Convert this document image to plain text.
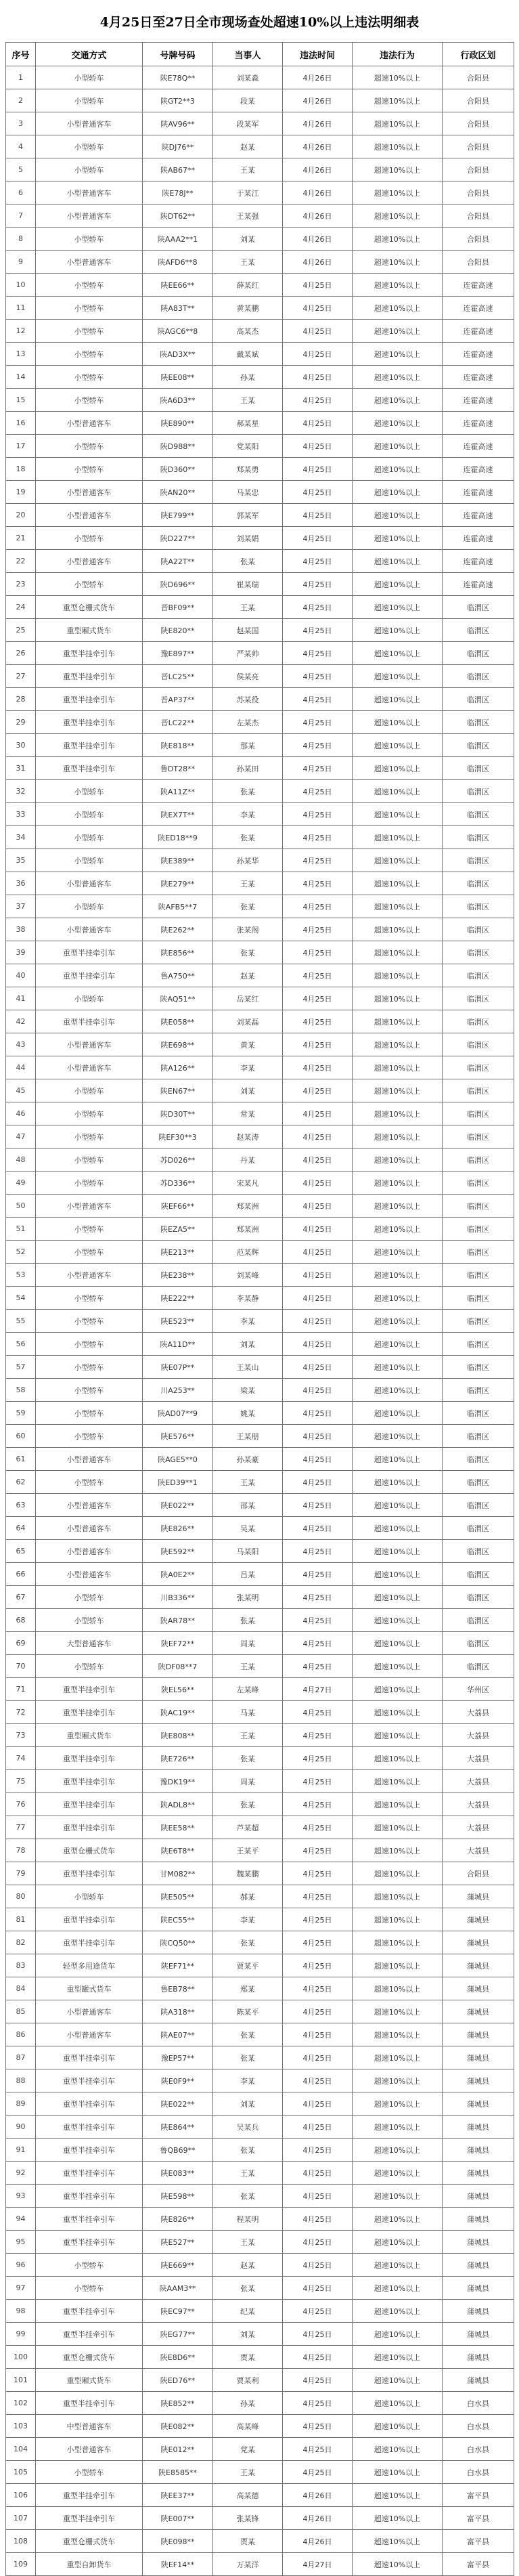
4月25日至27日全市现场查处超速10%以上违法明细表
序号	交通方式	号牌号码	当事人	违法时间	违法行为	行政区划
1	小型轿车	陕E78Q**	刘某淼	4月26日	超速10%以上	合阳县
2	小型轿车	陕GT2**3	段某	4月26日	超速10%以上	合阳县
3	小型普通客车	陕AV96**	段某军	4月26日	超速10%以上	合阳县
4	小型轿车	陕DJ76**	赵某	4月26日	超速10%以上	合阳县
5	小型轿车	陕AB67**	王某	4月26日	超速10%以上	合阳县
6	小型普通客车	陕E78J**	于某江	4月26日	超速10%以上	合阳县
7	小型普通客车	陕DT62**	王某强	4月26日	超速10%以上	合阳县
8	小型轿车	陕AAA2**1	刘某	4月26日	超速10%以上	合阳县
9	小型普通客车	陕AFD6**8	王某	4月26日	超速10%以上	合阳县
10	小型轿车	陕EE66**	薛某红	4月25日	超速10%以上	连霍高速
11	小型轿车	陕A83T**	黄某鹏	4月25日	超速10%以上	连霍高速
12	小型轿车	陕AGC6**8	高某杰	4月25日	超速10%以上	连霍高速
13	小型轿车	陕AD3X**	戴某斌	4月25日	超速10%以上	连霍高速
14	小型轿车	陕EE08**	孙某	4月25日	超速10%以上	连霍高速
15	小型轿车	陕A6D3**	王某	4月25日	超速10%以上	连霍高速
16	小型普通客车	陕E890**	郝某星	4月25日	超速10%以上	连霍高速
17	小型轿车	陕D988**	党某阳	4月25日	超速10%以上	连霍高速
18	小型轿车	陕D360**	郑某勇	4月25日	超速10%以上	连霍高速
19	小型普通客车	陕AN20**	马某忠	4月25日	超速10%以上	连霍高速
20	小型普通客车	陕E799**	郭某军	4月25日	超速10%以上	连霍高速
21	小型轿车	陕D227**	刘某娟	4月25日	超速10%以上	连霍高速
22	小型普通客车	陕A22T**	张某	4月25日	超速10%以上	连霍高速
23	小型轿车	陕D696**	崔某瑞	4月25日	超速10%以上	连霍高速
24	重型仓栅式货车	晋BF09**	王某	4月25日	超速10%以上	临渭区
25	重型厢式货车	陕E820**	赵某国	4月25日	超速10%以上	临渭区
26	重型半挂牵引车	豫E897**	严某帅	4月25日	超速10%以上	临渭区
27	重型半挂牵引车	晋LC25**	侯某亮	4月25日	超速10%以上	临渭区
28	重型半挂牵引车	晋AP37**	苏某役	4月25日	超速10%以上	临渭区
29	重型半挂牵引车	晋LC22**	左某杰	4月25日	超速10%以上	临渭区
30	重型半挂牵引车	陕E818**	那某	4月25日	超速10%以上	临渭区
31	重型半挂牵引车	鲁DT28**	孙某田	4月25日	超速10%以上	临渭区
32	小型轿车	陕A11Z**	张某	4月25日	超速10%以上	临渭区
33	小型轿车	陕EX7T**	李某	4月25日	超速10%以上	临渭区
34	小型轿车	陕ED18**9	张某	4月25日	超速10%以上	临渭区
35	小型轿车	陕E389**	孙某华	4月25日	超速10%以上	临渭区
36	小型普通客车	陕E279**	王某	4月25日	超速10%以上	临渭区
37	小型轿车	陕AFB5**7	张某	4月25日	超速10%以上	临渭区
38	小型普通客车	陕E262**	张某阁	4月25日	超速10%以上	临渭区
39	重型半挂牵引车	陕E856**	张某	4月25日	超速10%以上	临渭区
40	重型半挂牵引车	鲁A750**	赵某	4月25日	超速10%以上	临渭区
41	小型轿车	陕AQ51**	岳某红	4月25日	超速10%以上	临渭区
42	重型半挂牵引车	陕E058**	刘某磊	4月25日	超速10%以上	临渭区
43	小型普通客车	陕E698**	黄某	4月25日	超速10%以上	临渭区
44	小型普通客车	陕A126**	李某	4月25日	超速10%以上	临渭区
45	小型轿车	陕EN67**	刘某	4月25日	超速10%以上	临渭区
46	小型轿车	陕D30T**	常某	4月25日	超速10%以上	临渭区
47	小型轿车	陕EF30**3	赵某涛	4月25日	超速10%以上	临渭区
48	小型轿车	苏D026**	丹某	4月25日	超速10%以上	临渭区
49	小型轿车	苏D336**	宋某凡	4月25日	超速10%以上	临渭区
50	小型普通客车	陕EF66**	郑某洲	4月25日	超速10%以上	临渭区
51	小型轿车	陕EZA5**	郑某洲	4月25日	超速10%以上	临渭区
52	小型轿车	陕E213**	范某辉	4月25日	超速10%以上	临渭区
53	小型普通客车	陕E238**	刘某峰	4月25日	超速10%以上	临渭区
54	小型轿车	陕E222**	李某静	4月25日	超速10%以上	临渭区
55	小型轿车	陕E523**	李某	4月25日	超速10%以上	临渭区
56	小型轿车	陕A11D**	刘某	4月25日	超速10%以上	临渭区
57	小型轿车	陕E07P**	王某山	4月25日	超速10%以上	临渭区
58	小型轿车	川A253**	梁某	4月25日	超速10%以上	临渭区
59	小型轿车	陕AD07**9	姚某	4月25日	超速10%以上	临渭区
60	小型轿车	陕E576**	王某朋	4月25日	超速10%以上	临渭区
61	小型普通客车	陕AGE5**0	孙某豪	4月25日	超速10%以上	临渭区
62	小型轿车	陕ED39**1	王某	4月25日	超速10%以上	临渭区
63	小型普通客车	陕E022**	邵某	4月25日	超速10%以上	临渭区
64	小型普通客车	陕E826**	吴某	4月25日	超速10%以上	临渭区
65	小型普通客车	陕E592**	马某阳	4月25日	超速10%以上	临渭区
66	小型普通客车	陕A0E2**	吕某	4月25日	超速10%以上	临渭区
67	小型轿车	川B336**	张某明	4月25日	超速10%以上	临渭区
68	小型轿车	陕AR78**	张某	4月25日	超速10%以上	临渭区
69	大型普通客车	陕EF72**	周某	4月25日	超速10%以上	临渭区
70	小型轿车	陕DF08**7	王某	4月25日	超速10%以上	临渭区
71	重型半挂牵引车	陕EL56**	左某峰	4月27日	超速10%以上	华州区
72	重型半挂牵引车	陕AC19**	马某	4月25日	超速10%以上	大荔县
73	重型厢式货车	陕E808**	王某	4月25日	超速10%以上	大荔县
74	重型半挂牵引车	陕E726**	张某	4月25日	超速10%以上	大荔县
75	重型半挂牵引车	豫DK19**	周某	4月25日	超速10%以上	大荔县
76	重型半挂牵引车	陕ADL8**	张某	4月25日	超速10%以上	大荔县
77	重型半挂牵引车	陕EE58**	芦某超	4月25日	超速10%以上	大荔县
78	重型仓栅式货车	陕E6T8**	王某平	4月25日	超速10%以上	大荔县
79	重型半挂牵引车	甘M082**	魏某鹏	4月25日	超速10%以上	合阳县
80	小型轿车	陕E505**	郝某	4月25日	超速10%以上	蒲城县
81	重型半挂牵引车	陕EC55**	李某	4月25日	超速10%以上	蒲城县
82	重型半挂牵引车	陕CQ50**	张某	4月25日	超速10%以上	蒲城县
83	轻型多用途货车	陕EF71**	贾某平	4月25日	超速10%以上	蒲城县
84	重型罐式货车	鲁EB78**	郑某	4月25日	超速10%以上	蒲城县
85	小型普通客车	陕A318**	陈某平	4月25日	超速10%以上	蒲城县
86	小型普通客车	陕AE07**	张某	4月25日	超速10%以上	蒲城县
87	重型半挂牵引车	豫EP57**	张某	4月25日	超速10%以上	蒲城县
88	重型半挂牵引车	陕E0F9**	李某	4月25日	超速10%以上	蒲城县
89	重型半挂牵引车	陕E022**	刘某	4月25日	超速10%以上	蒲城县
90	重型半挂牵引车	陕E864**	吴某兵	4月25日	超速10%以上	蒲城县
91	重型半挂牵引车	鲁QB69**	张某	4月25日	超速10%以上	蒲城县
92	重型半挂牵引车	陕E083**	王某	4月25日	超速10%以上	蒲城县
93	重型半挂牵引车	陕E598**	张某	4月25日	超速10%以上	蒲城县
94	重型半挂牵引车	陕E826**	程某明	4月25日	超速10%以上	蒲城县
95	重型半挂牵引车	陕E527**	王某	4月25日	超速10%以上	蒲城县
96	小型轿车	陕E669**	赵某	4月25日	超速10%以上	蒲城县
97	小型轿车	陕AAM3**	张某	4月25日	超速10%以上	蒲城县
98	重型半挂牵引车	陕EC97**	纪某	4月25日	超速10%以上	蒲城县
99	重型半挂牵引车	陕EG77**	刘某	4月25日	超速10%以上	蒲城县
100	重型仓栅式货车	陕E8D6**	贾某	4月25日	超速10%以上	蒲城县
101	重型厢式货车	陕ED76**	贾某利	4月25日	超速10%以上	蒲城县
102	重型半挂牵引车	陕E852**	孙某	4月25日	超速10%以上	白水县
103	中型普通客车	陕E082**	高某峰	4月25日	超速10%以上	白水县
104	小型普通客车	陕E012**	党某	4月25日	超速10%以上	白水县
105	小型轿车	陕E8585**	王某	4月25日	超速10%以上	白水县
106	重型半挂牵引车	陕EE37**	高某德	4月26日	超速10%以上	富平县
107	重型半挂牵引车	陕E007**	张某锋	4月26日	超速10%以上	富平县
108	重型仓栅式货车	陕E098**	贾某	4月26日	超速10%以上	富平县
109	重型自卸货车	陕EF14**	万某洋	4月27日	超速10%以上	富平县
